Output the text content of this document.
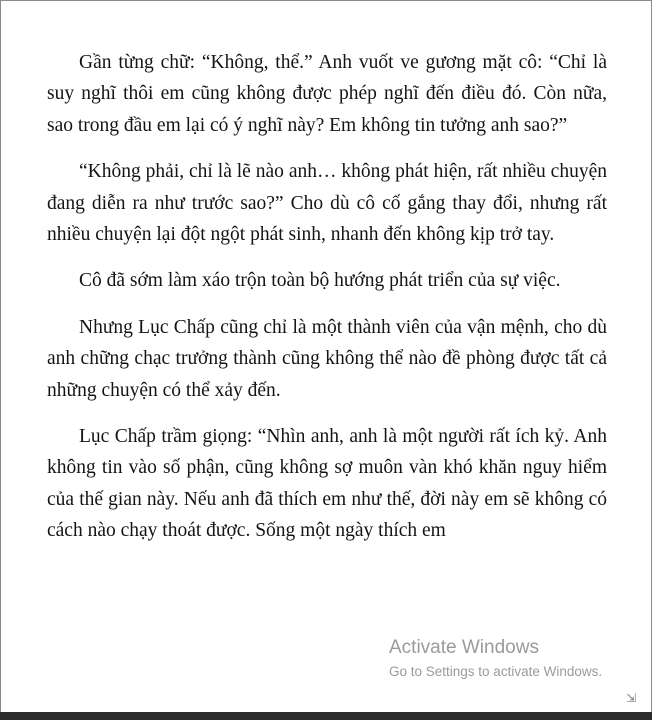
Gần từng chữ: “Không, thể.” Anh vuốt ve gương mặt cô: “Chỉ là suy nghĩ thôi em cũng không được phép nghĩ đến điều đó. Còn nữa, sao trong đầu em lại có ý nghĩ này? Em không tin tưởng anh sao?”

“Không phải, chỉ là lẽ nào anh… không phát hiện, rất nhiều chuyện đang diễn ra như trước sao?” Cho dù cô cố gắng thay đổi, nhưng rất nhiều chuyện lại đột ngột phát sinh, nhanh đến không kịp trở tay.

Cô đã sớm làm xáo trộn toàn bộ hướng phát triển của sự việc.

Nhưng Lục Chấp cũng chỉ là một thành viên của vận mệnh, cho dù anh chững chạc trưởng thành cũng không thể nào đề phòng được tất cả những chuyện có thể xảy đến.

Lục Chấp trầm giọng: “Nhìn anh, anh là một người rất ích kỷ. Anh không tin vào số phận, cũng không sợ muôn vàn khó khăn nguy hiểm của thế gian này. Nếu anh đã thích em như thế, đời này em sẽ không có cách nào chạy thoát được. Sống một ngày thích em

Activate Windows
Go to Settings to activate Windows.
⇲
